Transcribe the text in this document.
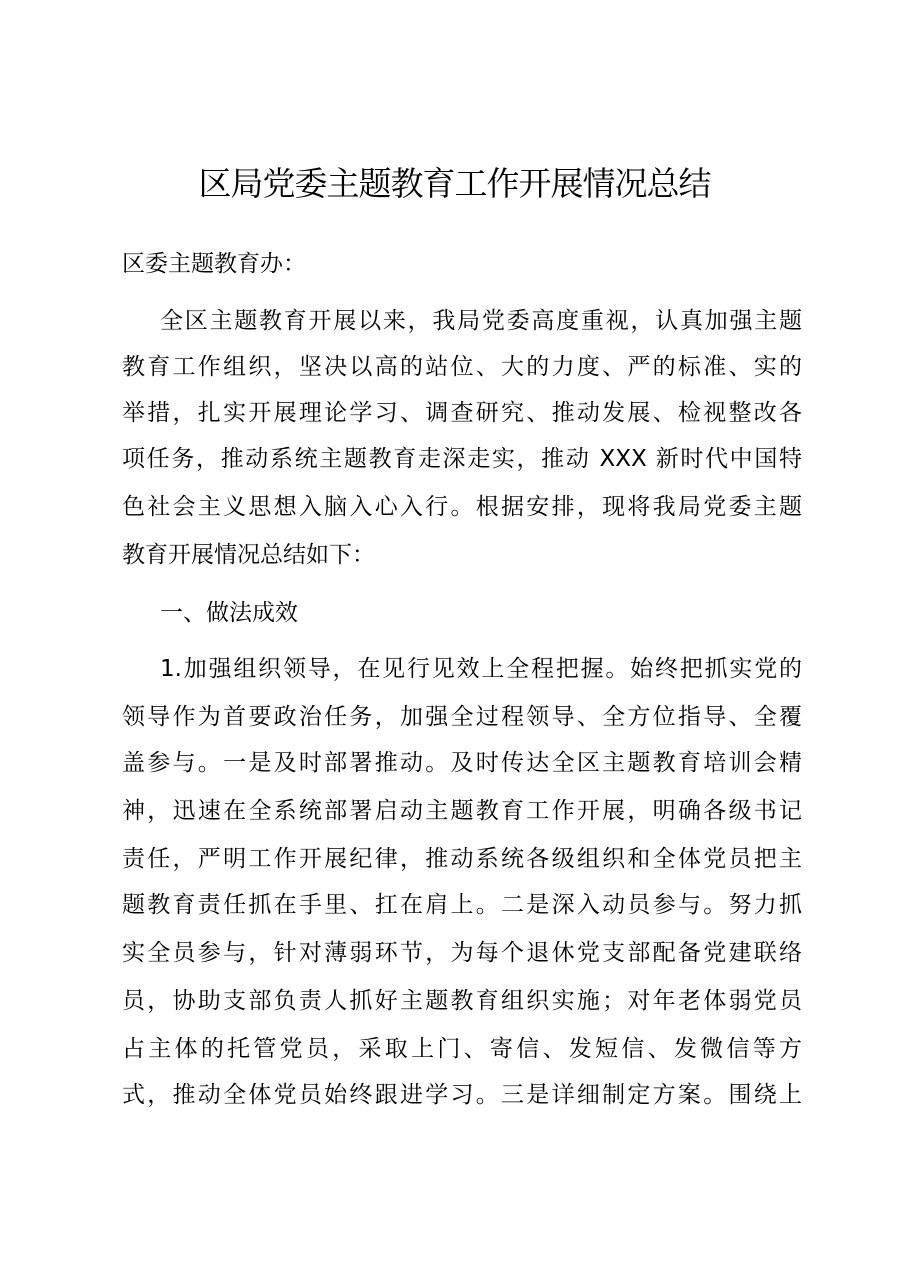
区局党委主题教育工作开展情况总结
区委主题教育办：
全区主题教育开展以来，我局党委高度重视，认真加强主题
教育工作组织，坚决以高的站位、大的力度、严的标准、实的
举措，扎实开展理论学习、调查研究、推动发展、检视整改各
项任务，推动系统主题教育走深走实，推动 XXX 新时代中国特
色社会主义思想入脑入心入行。根据安排，现将我局党委主题
教育开展情况总结如下：
一、做法成效
1.加强组织领导，在见行见效上全程把握。始终把抓实党的
领导作为首要政治任务，加强全过程领导、全方位指导、全覆
盖参与。一是及时部署推动。及时传达全区主题教育培训会精
神，迅速在全系统部署启动主题教育工作开展，明确各级书记
责任，严明工作开展纪律，推动系统各级组织和全体党员把主
题教育责任抓在手里、扛在肩上。二是深入动员参与。努力抓
实全员参与，针对薄弱环节，为每个退休党支部配备党建联络
员，协助支部负责人抓好主题教育组织实施；对年老体弱党员
占主体的托管党员，采取上门、寄信、发短信、发微信等方
式，推动全体党员始终跟进学习。三是详细制定方案。围绕上
